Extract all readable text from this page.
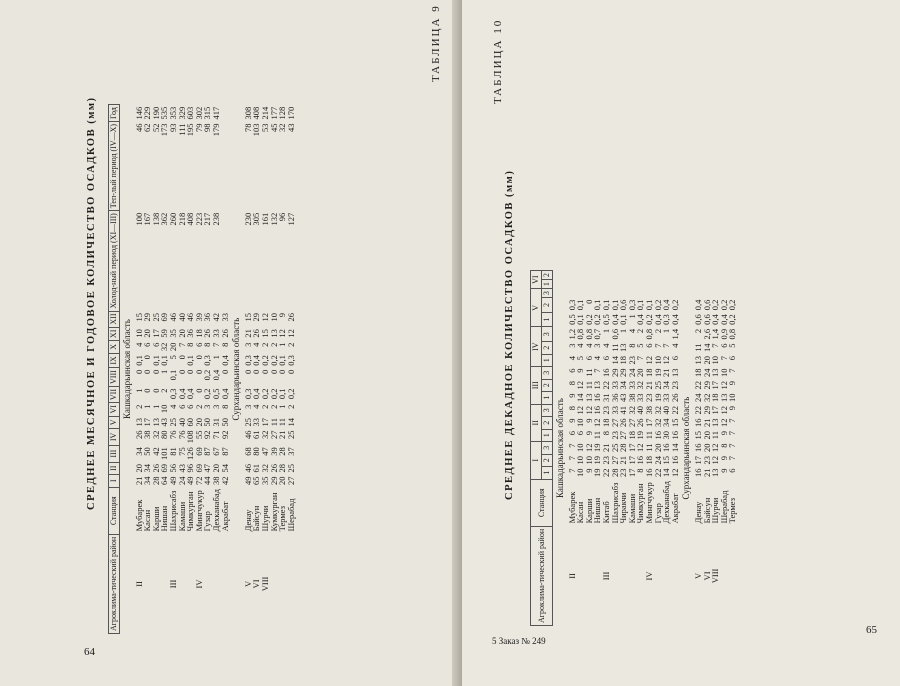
ТАБЛИЦА 9
СРЕДНЕЕ МЕСЯЧНОЕ И ГОДОВОЕ КОЛИЧЕСТВО ОСАДКОВ (мм)
Агроклима-тический район	Станция	I	II	III	IV	V	VI	VII	VIII	IX	X	XI	XII	Холод-ный период (XI—III)	Теп-лый период (IV—X)	Год
Кашкадарьинская область																
II	Мубарек	21	20	34	26	13	2	1	0	0,1	4	10	15	100	46	146
	Касан	34	34	50	38	17	1	0	0	0	6	20	29	167	62	229
	Карши	28	26	42	32	13	1	0	0	0,1	6	17	25	138	52	190
	Нишан	64	69	101	80	43	10	2	1	0,1	32	59	69	362	173	535
III	Шахрисабз	49	56	81	76	25	4	0,3	0,1	5	20	35	46	260	93	353
	Камаши	24	43	75	76	40	6	0,4	0	0	7	20	40	218	111	329
	Чимкурган	49	96	126	108	60	6	0,4	0	0,1	8	36	46	408	195	603
IV	Мингчукур	72	69	69	55	20	2	0	0	0	6	18	39	223	79	302
	Гузар	44	47	87	92	50	3	0,2	0,2	0,3	8	26	36	217	98	315
	Дехканабад	38	20	67	71	31	3	0,5	0,4	1	7	33	42	238	179	417
	Акрабат	42	54	87	92	50	8	0,4	0	0,4	8	26	33			
Сурхандарьинская область																
V	Денау	49	46	68	46	25	3	0,3	0	0,3	3	21	15	230	78	308
VI	Байсун	65	61	80	61	33	4	0,4	0	0,4	4	26	29	305	103	408
VIII	Шурчи	35	32	47	32	17	2	0,2	0	0,2	2	15	12	161	53	214
	Кумкурган	29	26	39	27	11	2	0,2	0	0,2	2	13	10	132	45	177
	Термез	20	28	28	21	11	1	0,1	0	0,1	1	12	9	96	32	128
	Шерабад	27	25	37	25	14	2	0,2	0	0,3	2	12	26	127	43	170
64
ТАБЛИЦА 10
СРЕДНЕЕ ДЕКАДНОЕ КОЛИЧЕСТВО ОСАДКОВ (мм)
Агроклима-тический район	Станция	I			II			III			IV			V			VI	
		1	2	3	1	2	3	1	2	3	1	2	3	1	2	3	1	2
Кашкадарьинская область																		
II	Мубарек	7	7	7	6	9	8	9	8	6	4	3	1,2	0,5	0,3			
	Касан	10	10	10	6	10	12	14	12	9	5	4	0,8	0,1	0,1			
	Карши	9	10	12	9	9	12	13	11	11	6	4	0,8	0,2	0			
	Нишан	19	19	19	11	12	16	16	13	7	4	3	0,7	0,2	0,1			
III	Китаб	22	23	21	8	18	23	31	22	16	6	4	1	0,5	0,1			
	Шахрисабз	28	27	25	23	27	33	36	33	29	14	11	0,6	0,4	0,1			
	Чиракчи	23	21	28	27	26	41	43	34	29	18	13	1	0,1	0,6			
	Камаши	17	17	17	18	27	32	38	33	24	23	8	4	1	0,3			
	Чимкурган	8	16	12	19	26	40	33	32	20	7	5	2	0,4	0,1			
IV	Мингчукур	16	18	11	11	17	38	23	21	18	12	6	0,8	0,2	0,1			
	Гузар	22	24	20	16	32	32	19	25	19	10	7	2	0,4	0,2			
	Дехканабад	14	15	16	30	34	40	33	34	21	12	7	1	0,3	0,4			
	Акрабат	12	16	14	16	15	22	26	23	13	6	4	1,4	0,4	0,2			
Сурхандарьинская область																		
V	Денау	16	17	16	15	16	22	24	22	18	13	11	2	0,6	0,4			
VI	Байсун	21	23	20	20	21	29	32	29	24	20	14	2,6	0,6	0,6			
VIII	Шурчи	13	12	12	11	13	17	18	17	13	10	7	1,4	0,4	0,2			
	Шерабад	9	9	8	9	12	12	13	12	10	7	6	0,9	0,4	0,2			
	Термез	6	7	7	7	7	9	10	9	7	6	5	0,8	0,2	0,2			
5 Заказ № 249
65
